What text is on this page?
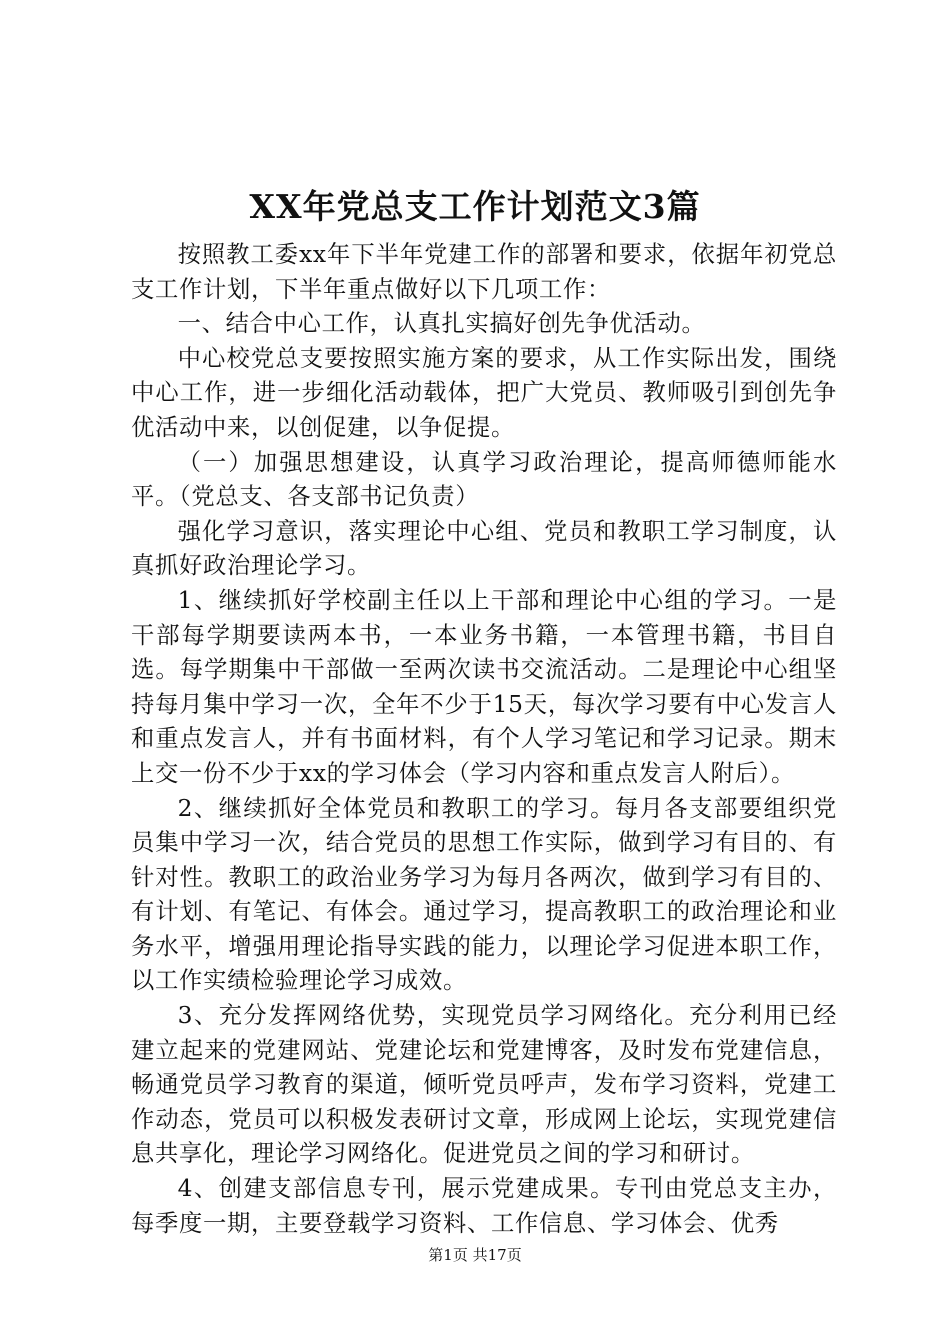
XX年党总支工作计划范文3篇

按照教工委xx年下半年党建工作的部署和要求，依据年初党总支工作计划，下半年重点做好以下几项工作：

一、结合中心工作，认真扎实搞好创先争优活动。

中心校党总支要按照实施方案的要求，从工作实际出发，围绕中心工作，进一步细化活动载体，把广大党员、教师吸引到创先争优活动中来，以创促建，以争促提。

（一）加强思想建设，认真学习政治理论，提高师德师能水平。（党总支、各支部书记负责）

强化学习意识，落实理论中心组、党员和教职工学习制度，认真抓好政治理论学习。

1、继续抓好学校副主任以上干部和理论中心组的学习。一是干部每学期要读两本书，一本业务书籍，一本管理书籍，书目自选。每学期集中干部做一至两次读书交流活动。二是理论中心组坚持每月集中学习一次，全年不少于15天，每次学习要有中心发言人和重点发言人，并有书面材料，有个人学习笔记和学习记录。期末上交一份不少于xx的学习体会（学习内容和重点发言人附后）。

2、继续抓好全体党员和教职工的学习。每月各支部要组织党员集中学习一次，结合党员的思想工作实际，做到学习有目的、有针对性。教职工的政治业务学习为每月各两次，做到学习有目的、有计划、有笔记、有体会。通过学习，提高教职工的政治理论和业务水平，增强用理论指导实践的能力，以理论学习促进本职工作，以工作实绩检验理论学习成效。

3、充分发挥网络优势，实现党员学习网络化。充分利用已经建立起来的党建网站、党建论坛和党建博客，及时发布党建信息，畅通党员学习教育的渠道，倾听党员呼声，发布学习资料，党建工作动态，党员可以积极发表研讨文章，形成网上论坛，实现党建信息共享化，理论学习网络化。促进党员之间的学习和研讨。

4、创建支部信息专刊，展示党建成果。专刊由党总支主办，每季度一期，主要登载学习资料、工作信息、学习体会、优秀

第1页 共17页
